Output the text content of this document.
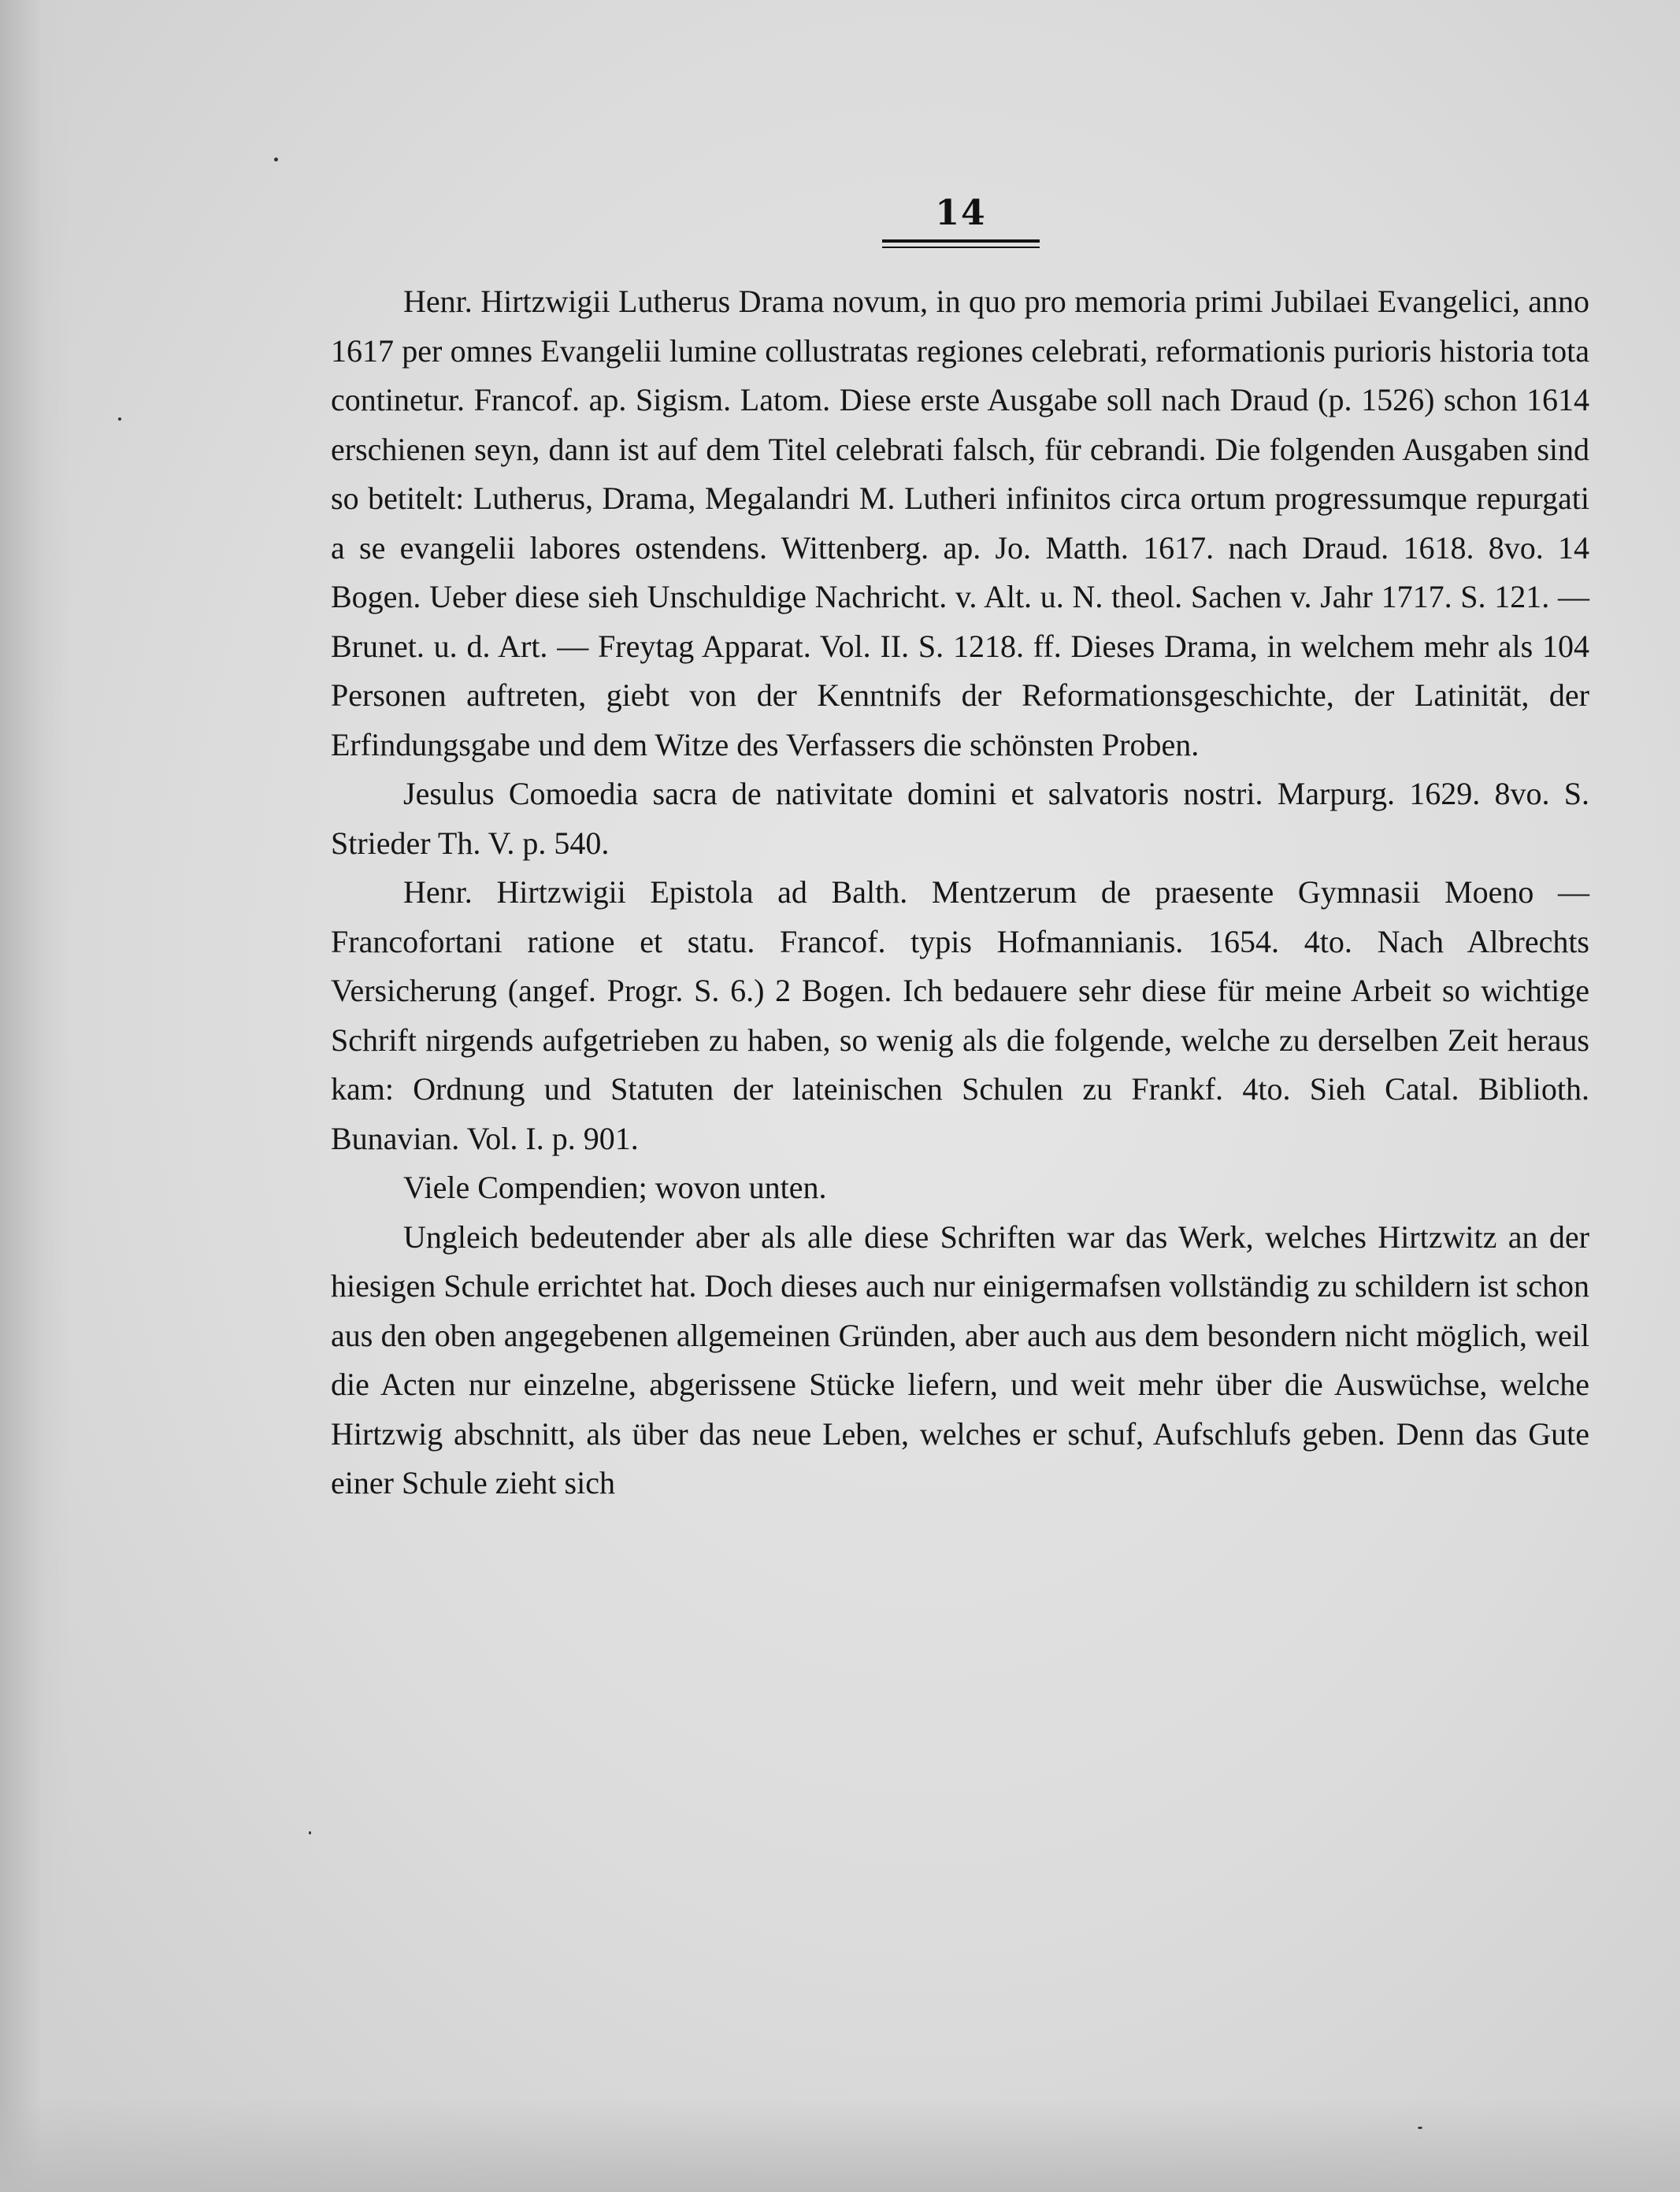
14

Henr. Hirtzwigii Lutherus Drama novum, in quo pro memoria primi Jubilaei Evangelici, anno 1617 per omnes Evangelii lumine collustratas regiones celebrati, reformationis purioris historia tota continetur. Francof. ap. Sigism. Latom. Diese erste Ausgabe soll nach Draud (p. 1526) schon 1614 erschienen seyn, dann ist auf dem Titel celebrati falsch, für cebrandi. Die folgenden Ausgaben sind so betitelt: Lutherus, Drama, Megalandri M. Lutheri infinitos circa ortum progressumque repurgati a se evangelii labores ostendens. Wittenberg. ap. Jo. Matth. 1617. nach Draud. 1618. 8vo. 14 Bogen. Ueber diese sieh Unschuldige Nachricht. v. Alt. u. N. theol. Sachen v. Jahr 1717. S. 121. — Brunet. u. d. Art. — Freytag Apparat. Vol. II. S. 1218. ff. Dieses Drama, in welchem mehr als 104 Personen auftreten, giebt von der Kenntnifs der Reformationsgeschichte, der Latinität, der Erfindungsgabe und dem Witze des Verfassers die schönsten Proben.

Jesulus Comoedia sacra de nativitate domini et salvatoris nostri. Marpurg. 1629. 8vo. S. Strieder Th. V. p. 540.

Henr. Hirtzwigii Epistola ad Balth. Mentzerum de praesente Gymnasii Moeno — Francofortani ratione et statu. Francof. typis Hofmannianis. 1654. 4to. Nach Albrechts Versicherung (angef. Progr. S. 6.) 2 Bogen. Ich bedauere sehr diese für meine Arbeit so wichtige Schrift nirgends aufgetrieben zu haben, so wenig als die folgende, welche zu derselben Zeit heraus kam: Ordnung und Statuten der lateinischen Schulen zu Frankf. 4to. Sieh Catal. Biblioth. Bunavian. Vol. I. p. 901.

Viele Compendien; wovon unten.

Ungleich bedeutender aber als alle diese Schriften war das Werk, welches Hirtzwitz an der hiesigen Schule errichtet hat. Doch dieses auch nur einigermafsen vollständig zu schildern ist schon aus den oben angegebenen allgemeinen Gründen, aber auch aus dem besondern nicht möglich, weil die Acten nur einzelne, abgerissene Stücke liefern, und weit mehr über die Auswüchse, welche Hirtzwig abschnitt, als über das neue Leben, welches er schuf, Aufschlufs geben. Denn das Gute einer Schule zieht sich
